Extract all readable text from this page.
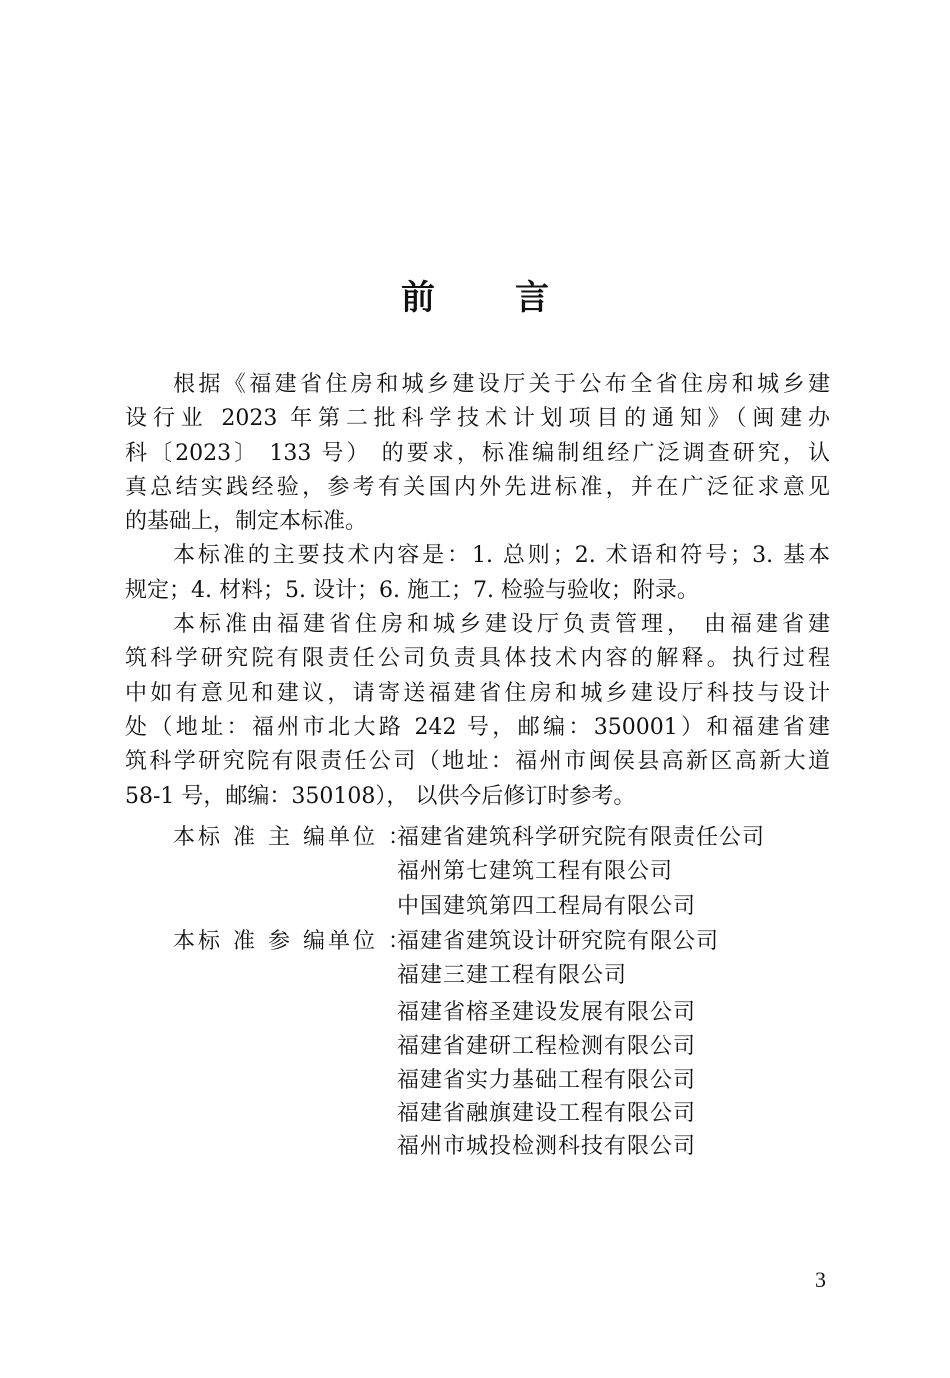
前 言
根据《福建省住房和城乡建设厅关于公布全省住房和城乡建
设行业 2023 年第二批科学技术计划项目的通知》（闽建办
科〔2023〕 133 号） 的要求，标准编制组经广泛调查研究，认
真总结实践经验，参考有关国内外先进标准，并在广泛征求意见
的基础上，制定本标准。
本标准的主要技术内容是：1. 总则；2. 术语和符号；3. 基本
规定；4. 材料；5. 设计；6. 施工；7. 检验与验收；附录。
本标准由福建省住房和城乡建设厅负责管理， 由福建省建
筑科学研究院有限责任公司负责具体技术内容的解释。执行过程
中如有意见和建议，请寄送福建省住房和城乡建设厅科技与设计
处（地址：福州市北大路 242 号，邮编：350001）和福建省建
筑科学研究院有限责任公司（地址：福州市闽侯县高新区高新大道
58-1 号，邮编：350108）， 以供今后修订时参考。
本标 准 主 编单位 ：
福建省建筑科学研究院有限责任公司
福州第七建筑工程有限公司
中国建筑第四工程局有限公司
本标 准 参 编单位 ：
福建省建筑设计研究院有限公司
福建三建工程有限公司
福建省榕圣建设发展有限公司
福建省建研工程检测有限公司
福建省实力基础工程有限公司
福建省融旗建设工程有限公司
福州市城投检测科技有限公司
3
